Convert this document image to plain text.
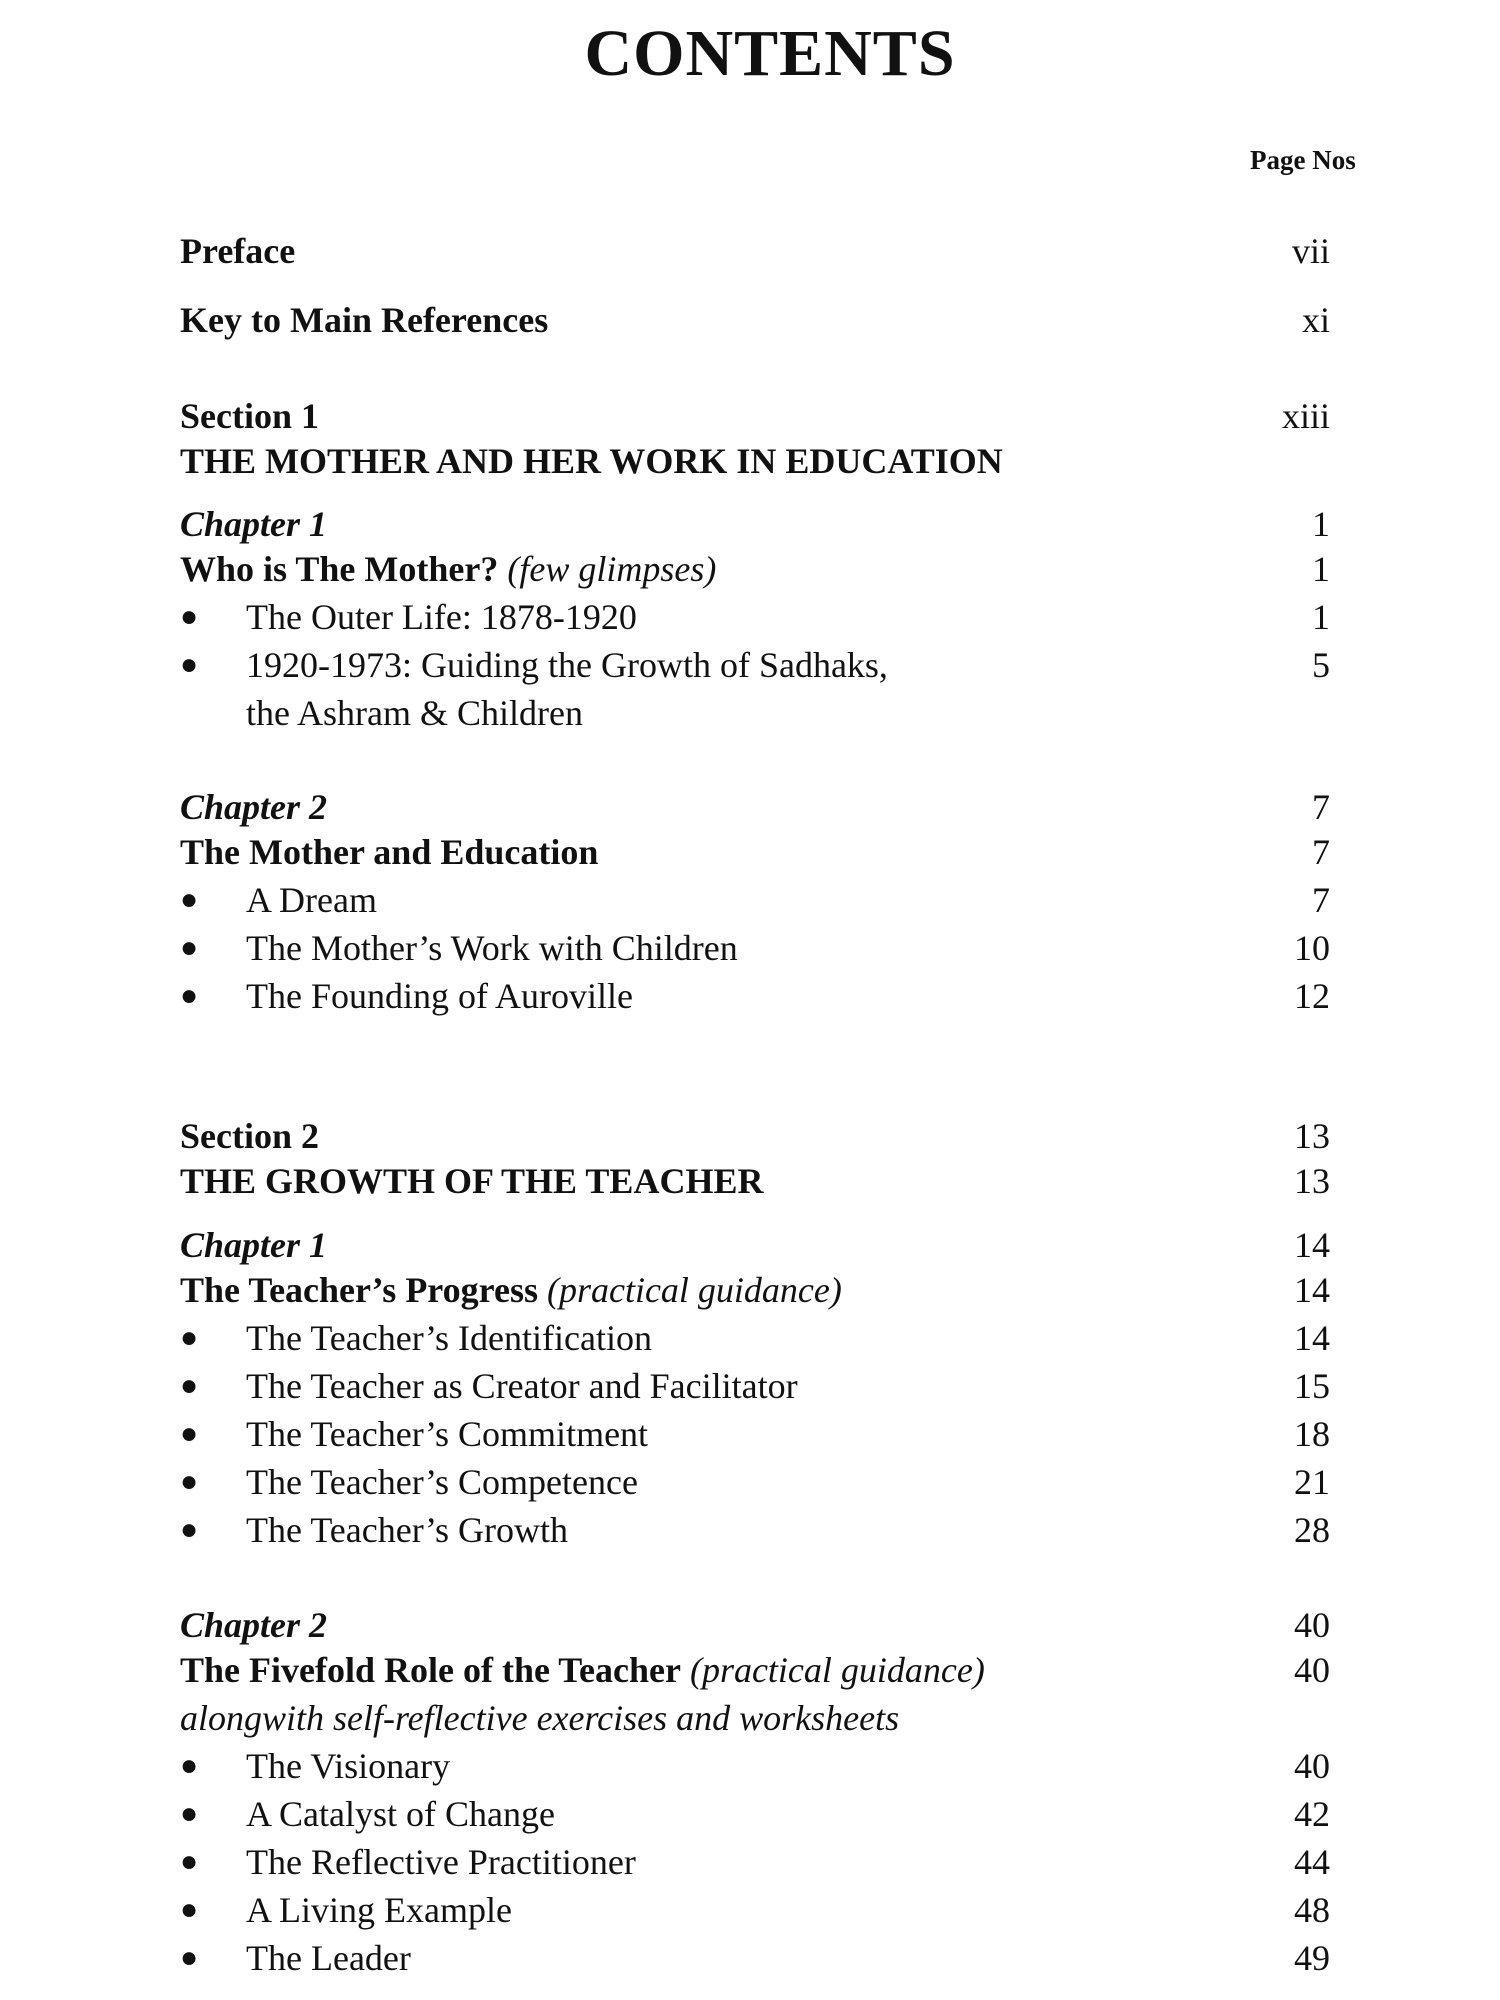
CONTENTS
Page Nos
Preface	vii
Key to Main References	xi
Section 1	xiii
THE MOTHER AND HER WORK IN EDUCATION
Chapter 1	1
Who is The Mother? (few glimpses)	1
● The Outer Life: 1878-1920	1
● 1920-1973: Guiding the Growth of Sadhaks,	5
the Ashram & Children
Chapter 2	7
The Mother and Education	7
● A Dream	7
● The Mother’s Work with Children	10
● The Founding of Auroville	12
Section 2	13
THE GROWTH OF THE TEACHER	13
Chapter 1	14
The Teacher’s Progress (practical guidance)	14
● The Teacher’s Identification	14
● The Teacher as Creator and Facilitator	15
● The Teacher’s Commitment	18
● The Teacher’s Competence	21
● The Teacher’s Growth	28
Chapter 2	40
The Fivefold Role of the Teacher (practical guidance)	40
alongwith self-reflective exercises and worksheets
● The Visionary	40
● A Catalyst of Change	42
● The Reflective Practitioner	44
● A Living Example	48
● The Leader	49
